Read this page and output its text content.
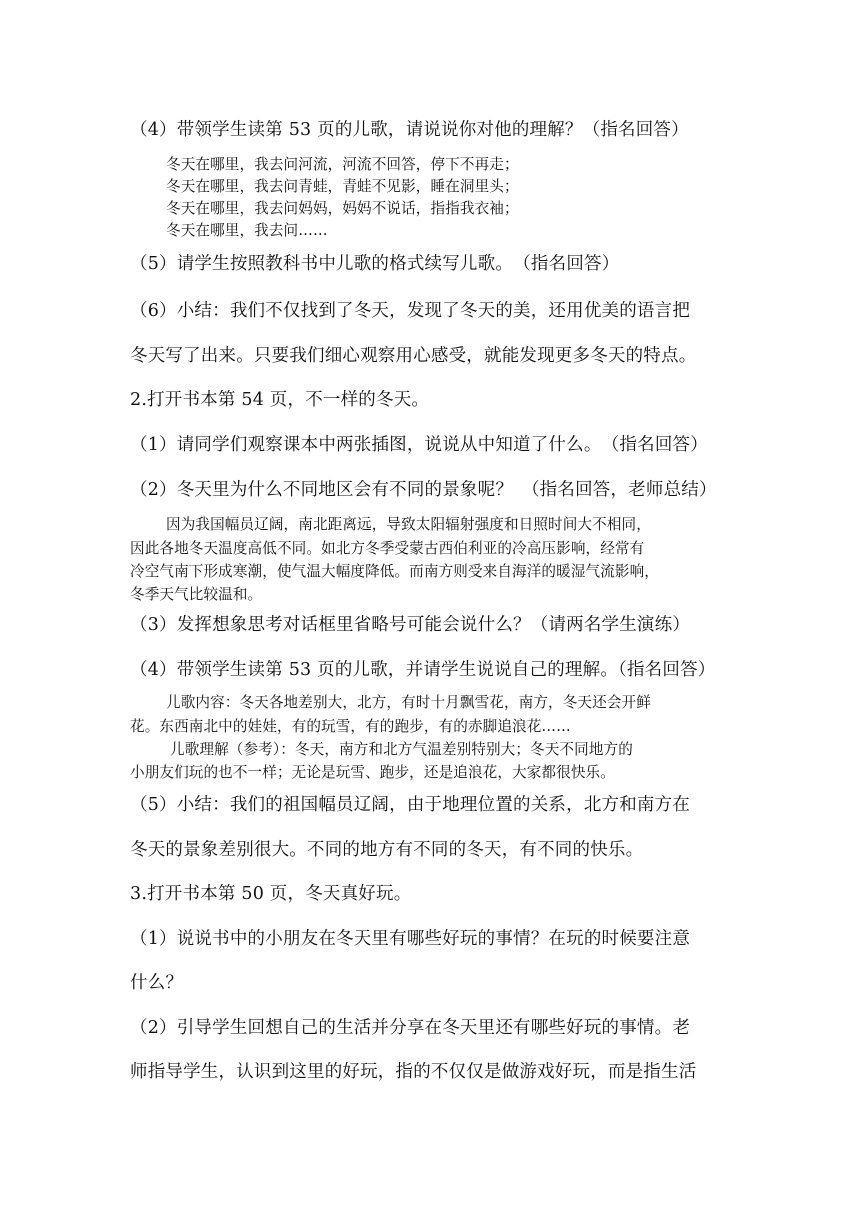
（4）带领学生读第 53 页的儿歌，请说说你对他的理解？（指名回答）
冬天在哪里，我去问河流，河流不回答，停下不再走；
冬天在哪里，我去问青蛙，青蛙不见影，睡在洞里头；
冬天在哪里，我去问妈妈，妈妈不说话，指指我衣袖；
冬天在哪里，我去问……
（5）请学生按照教科书中儿歌的格式续写儿歌。　（指名回答）
（6）小结：我们不仅找到了冬天，发现了冬天的美，还用优美的语言把
冬天写了出来。只要我们细心观察用心感受，就能发现更多冬天的特点。
2.打开书本第 54 页，不一样的冬天。
（1）请同学们观察课本中两张插图，说说从中知道了什么。　（指名回答）
（2）冬天里为什么不同地区会有不同的景象呢？　（指名回答，老师总结）
因为我国幅员辽阔，南北距离远，导致太阳辐射强度和日照时间大不相同，
因此各地冬天温度高低不同。如北方冬季受蒙古西伯利亚的冷高压影响，经常有
冷空气南下形成寒潮，使气温大幅度降低。而南方则受来自海洋的暖湿气流影响，
冬季天气比较温和。
（3）发挥想象思考对话框里省略号可能会说什么？（请两名学生演练）
（4）带领学生读第 53 页的儿歌，并请学生说说自己的理解。（指名回答）
儿歌内容：冬天各地差别大，北方，有时十月飘雪花，南方，冬天还会开鲜
花。东西南北中的娃娃，有的玩雪，有的跑步，有的赤脚追浪花……
儿歌理解（参考）：冬天，南方和北方气温差别特别大；冬天不同地方的
小朋友们玩的也不一样；无论是玩雪、跑步，还是追浪花，大家都很快乐。
（5）小结：我们的祖国幅员辽阔，由于地理位置的关系，北方和南方在
冬天的景象差别很大。不同的地方有不同的冬天，有不同的快乐。
3.打开书本第 50 页，冬天真好玩。
（1）说说书中的小朋友在冬天里有哪些好玩的事情？在玩的时候要注意
什么？
（2）引导学生回想自己的生活并分享在冬天里还有哪些好玩的事情。老
师指导学生，认识到这里的好玩，指的不仅仅是做游戏好玩，而是指生活
